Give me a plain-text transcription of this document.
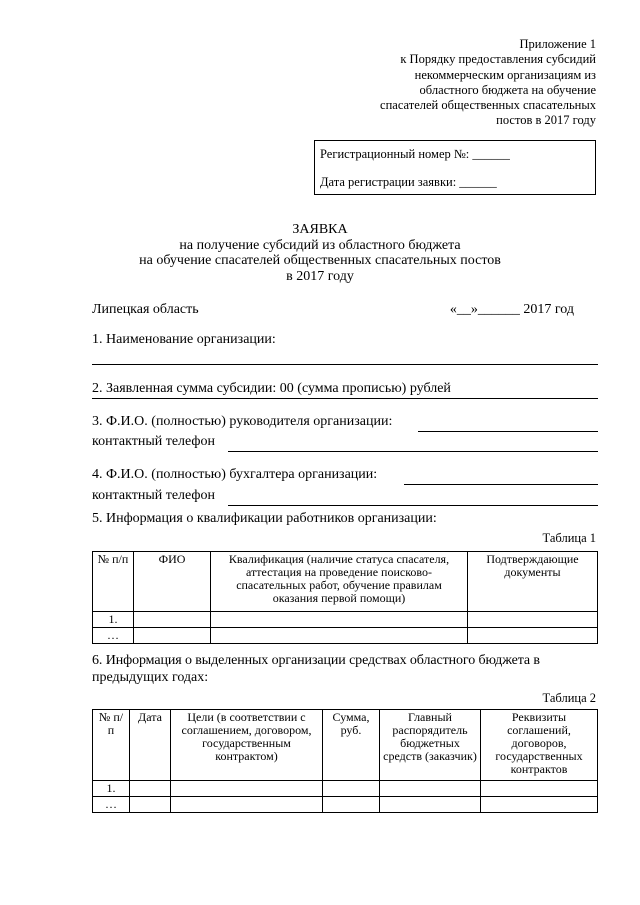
Приложение 1
к Порядку предоставления субсидий
некоммерческим организациям из
областного бюджета на обучение
спасателей общественных спасательных
постов в 2017 году
Регистрационный номер №: ______
Дата регистрации заявки: ______
ЗАЯВКА
на получение субсидий из областного бюджета
на обучение спасателей общественных спасательных постов
в 2017 году
Липецкая область	«__»______ 2017 год
1. Наименование организации:
2. Заявленная сумма субсидии: 00 (сумма прописью) рублей
3. Ф.И.О. (полностью) руководителя организации:
контактный телефон
4. Ф.И.О. (полностью) бухгалтера организации:
контактный телефон
5. Информация о квалификации работников организации:
Таблица 1
№ п/п	ФИО	Квалификация (наличие статуса спасателя, аттестация на проведение поисково-спасательных работ, обучение правилам оказания первой помощи)	Подтверждающие документы
1.			
…			
6. Информация о выделенных организации средствах областного бюджета в
предыдущих годах:
Таблица 2
№ п/п	Дата	Цели (в соответствии с соглашением, договором, государственным контрактом)	Сумма, руб.	Главный распорядитель бюджетных средств (заказчик)	Реквизиты соглашений, договоров, государственных контрактов
1.					
…					
